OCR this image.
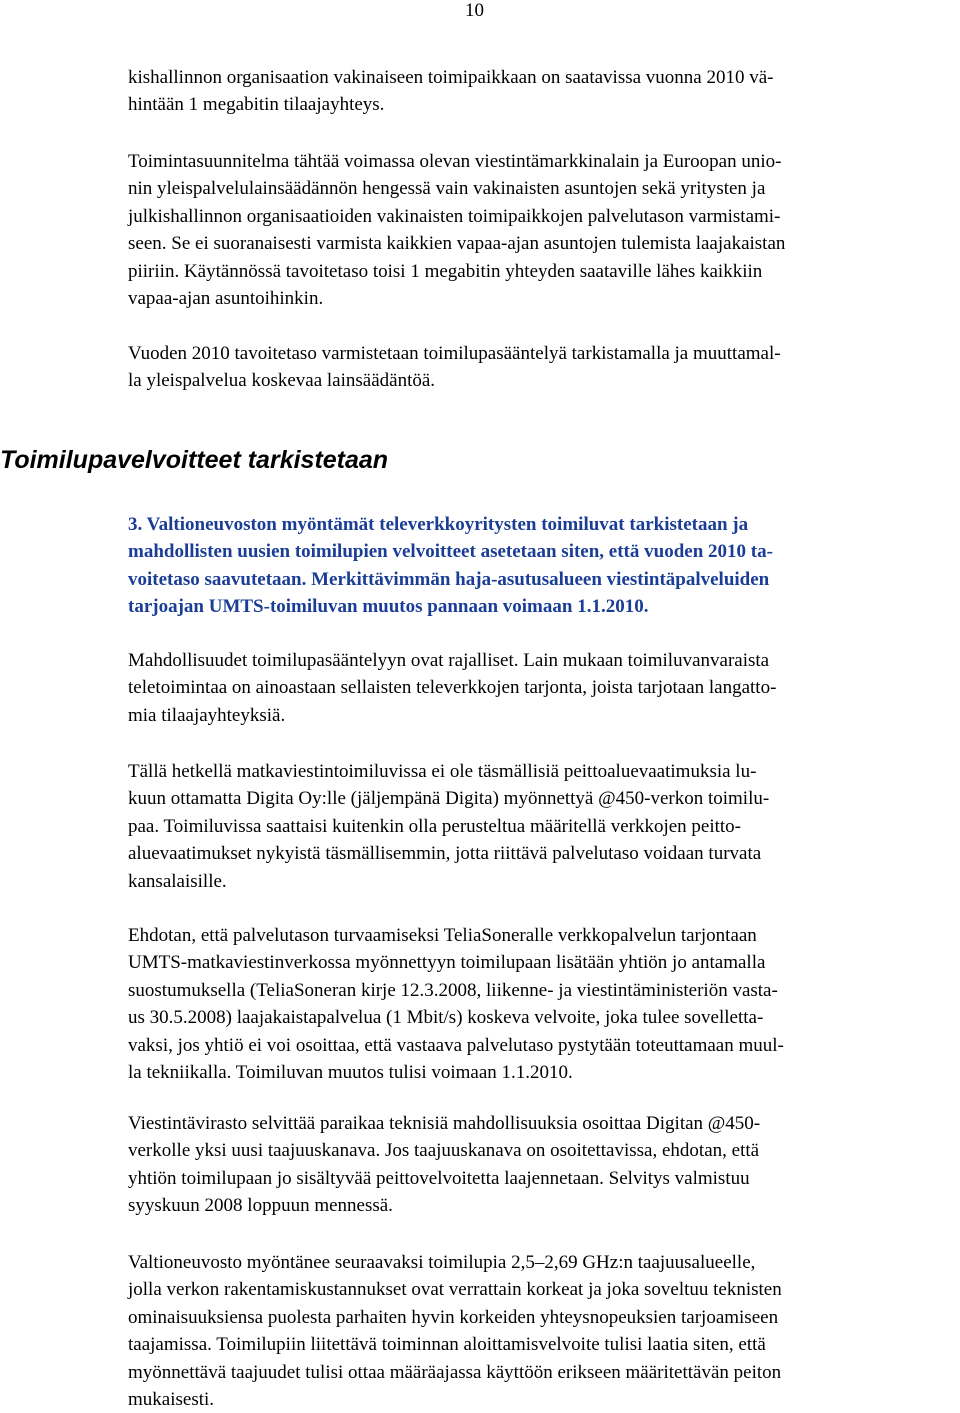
10

kishallinnon organisaation vakinaiseen toimipaikkaan on saatavissa vuonna 2010 vä-
hintään 1 megabitin tilaajayhteys.

Toimintasuunnitelma tähtää voimassa olevan viestintämarkkinalain ja Euroopan unio-
nin yleispalvelulainsäädännön hengessä vain vakinaisten asuntojen sekä yritysten ja
julkishallinnon organisaatioiden vakinaisten toimipaikkojen palvelutason varmistami-
seen. Se ei suoranaisesti varmista kaikkien vapaa-ajan asuntojen tulemista laajakaistan
piiriin. Käytännössä tavoitetaso toisi 1 megabitin yhteyden saataville lähes kaikkiin
vapaa-ajan asuntoihinkin.

Vuoden 2010 tavoitetaso varmistetaan toimilupasääntelyä tarkistamalla ja muuttamal-
la yleispalvelua koskevaa lainsäädäntöä.

Toimilupavelvoitteet tarkistetaan

3. Valtioneuvoston myöntämät televerkkoyritysten toimiluvat tarkistetaan ja
mahdollisten uusien toimilupien velvoitteet asetetaan siten, että vuoden 2010 ta-
voitetaso saavutetaan. Merkittävimmän haja-asutusalueen viestintäpalveluiden
tarjoajan UMTS-toimiluvan muutos pannaan voimaan 1.1.2010.

Mahdollisuudet toimilupasääntelyyn ovat rajalliset. Lain mukaan toimiluvanvaraista
teletoimintaa on ainoastaan sellaisten televerkkojen tarjonta, joista tarjotaan langatto-
mia tilaajayhteyksiä.

Tällä hetkellä matkaviestintoimiluvissa ei ole täsmällisiä peittoaluevaatimuksia lu-
kuun ottamatta Digita Oy:lle (jäljempänä Digita) myönnettyä @450-verkon toimilu-
paa. Toimiluvissa saattaisi kuitenkin olla perusteltua määritellä verkkojen peitto-
aluevaatimukset nykyistä täsmällisemmin, jotta riittävä palvelutaso voidaan turvata
kansalaisille.

Ehdotan, että palvelutason turvaamiseksi TeliaSoneralle verkkopalvelun tarjontaan
UMTS-matkaviestinverkossa myönnettyyn toimilupaan lisätään yhtiön jo antamalla
suostumuksella (TeliaSoneran kirje 12.3.2008, liikenne- ja viestintäministeriön vasta-
us 30.5.2008) laajakaistapalvelua (1 Mbit/s) koskeva velvoite, joka tulee sovelletta-
vaksi, jos yhtiö ei voi osoittaa, että vastaava palvelutaso pystytään toteuttamaan muul-
la tekniikalla. Toimiluvan muutos tulisi voimaan 1.1.2010.

Viestintävirasto selvittää paraikaa teknisiä mahdollisuuksia osoittaa Digitan @450-
verkolle yksi uusi taajuuskanava. Jos taajuuskanava on osoitettavissa, ehdotan, että
yhtiön toimilupaan jo sisältyvää peittovelvoitetta laajennetaan. Selvitys valmistuu
syyskuun 2008 loppuun mennessä.

Valtioneuvosto myöntänee seuraavaksi toimilupia 2,5–2,69 GHz:n taajuusalueelle,
jolla verkon rakentamiskustannukset ovat verrattain korkeat ja joka soveltuu teknisten
ominaisuuksiensa puolesta parhaiten hyvin korkeiden yhteysnopeuksien tarjoamiseen
taajamissa. Toimilupiin liitettävä toiminnan aloittamisvelvoite tulisi laatia siten, että
myönnettävä taajuudet tulisi ottaa määräajassa käyttöön erikseen määritettävän peiton
mukaisesti.
